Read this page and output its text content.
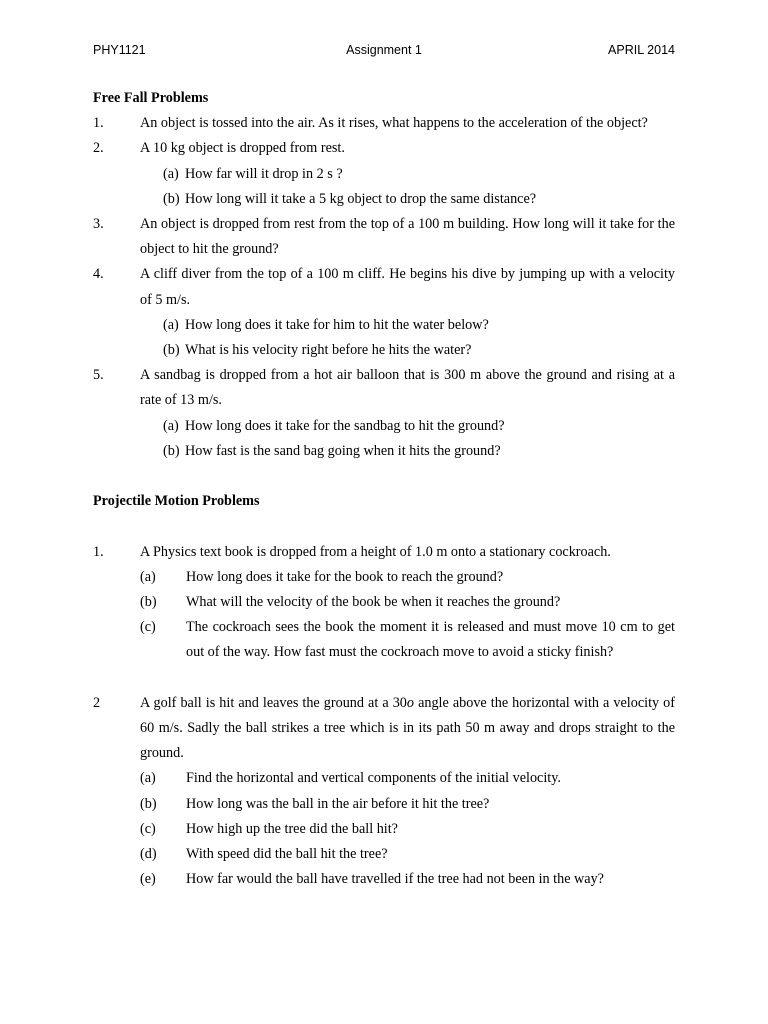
PHY1121	Assignment 1	APRIL 2014
Free Fall Problems
1.	An object is tossed into the air. As it rises, what happens to the acceleration of the object?
2.	A 10 kg object is dropped from rest.
(a) How far will it drop in 2 s ?
(b) How long will it take a 5 kg object to drop the same distance?
3.	An object is dropped from rest from the top of a 100 m building. How long will it take for the object to hit the ground?
4.	A cliff diver from the top of a 100 m cliff. He begins his dive by jumping up with a velocity of 5 m/s.
(a) How long does it take for him to hit the water below?
(b) What is his velocity right before he hits the water?
5.	A sandbag is dropped from a hot air balloon that is 300 m above the ground and rising at a rate of 13 m/s.
(a) How long does it take for the sandbag to hit the ground?
(b) How fast is the sand bag going when it hits the ground?
Projectile Motion Problems
1.	A Physics text book is dropped from a height of 1.0 m onto a stationary cockroach.
(a) How long does it take for the book to reach the ground?
(b) What will the velocity of the book be when it reaches the ground?
(c) The cockroach sees the book the moment it is released and must move 10 cm to get out of the way. How fast must the cockroach move to avoid a sticky finish?
2	A golf ball is hit and leaves the ground at a 30o angle above the horizontal with a velocity of 60 m/s. Sadly the ball strikes a tree which is in its path 50 m away and drops straight to the ground.
(a) Find the horizontal and vertical components of the initial velocity.
(b) How long was the ball in the air before it hit the tree?
(c) How high up the tree did the ball hit?
(d) With speed did the ball hit the tree?
(e) How far would the ball have travelled if the tree had not been in the way?
